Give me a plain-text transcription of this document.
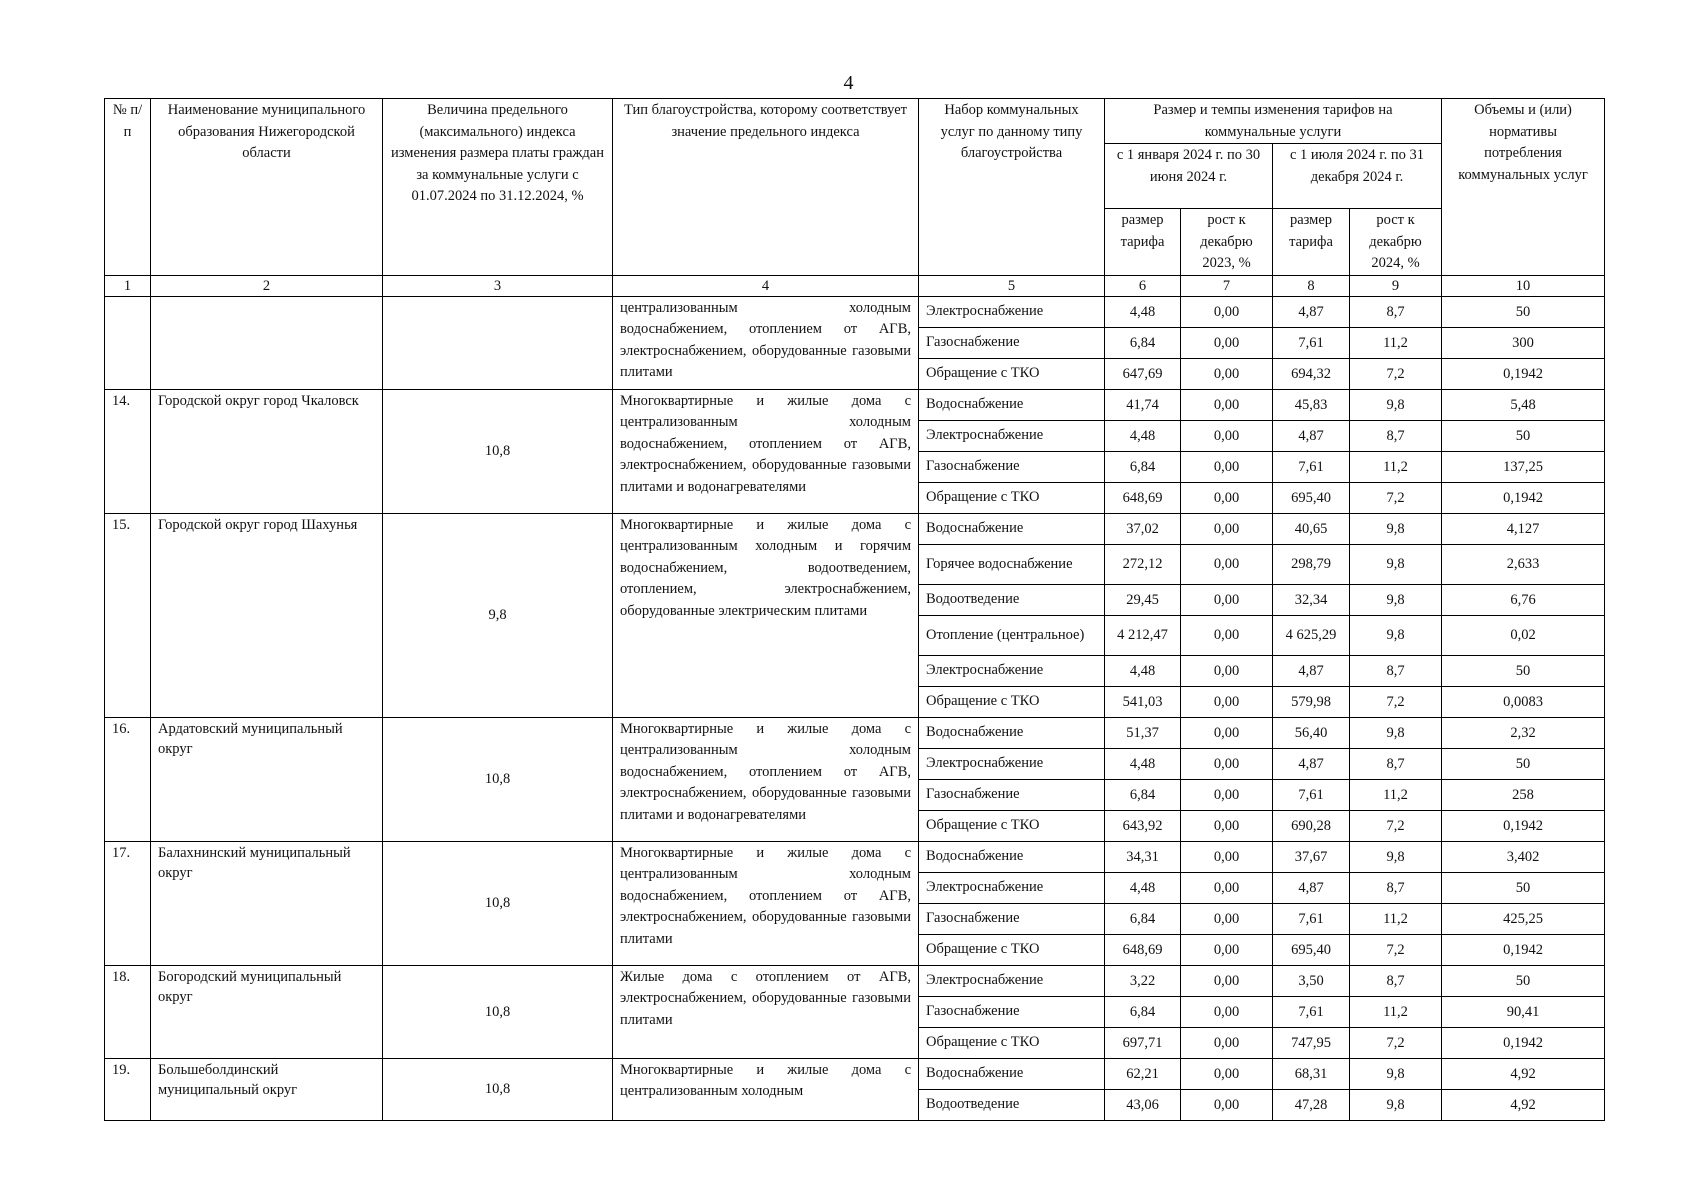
4
№ п/п	Наименование муниципального образования Нижегородской области	Величина предельного (максимального) индекса изменения размера платы граждан за коммунальные услуги с 01.07.2024 по 31.12.2024, %	Тип благоустройства, которому соответствует значение предельного индекса	Набор коммунальных услуг по данному типу благоустройства	Размер и темпы изменения тарифов на коммунальные услуги				Объемы и (или) нормативы потребления коммунальных услуг
					с 1 января 2024 г. по 30 июня 2024 г.		с 1 июля 2024 г. по 31 декабря 2024 г.		
					размер тарифа	рост к декабрю 2023, %	размер тарифа	рост к декабрю 2024, %	
1	2	3	4	5	6	7	8	9	10
			централизованным холодным водоснабжением, отоплением от АГВ, электроснабжением, оборудованные газовыми плитами	Электроснабжение	4,48	0,00	4,87	8,7	50
				Газоснабжение	6,84	0,00	7,61	11,2	300
				Обращение с ТКО	647,69	0,00	694,32	7,2	0,1942
14.	Городской округ город Чкаловск	10,8	Многоквартирные и жилые дома с централизованным холодным водоснабжением, отоплением от АГВ, электроснабжением, оборудованные газовыми плитами и водонагревателями	Водоснабжение	41,74	0,00	45,83	9,8	5,48
				Электроснабжение	4,48	0,00	4,87	8,7	50
				Газоснабжение	6,84	0,00	7,61	11,2	137,25
				Обращение с ТКО	648,69	0,00	695,40	7,2	0,1942
15.	Городской округ город Шахунья	9,8	Многоквартирные и жилые дома с централизованным холодным и горячим водоснабжением, водоотведением, отоплением, электроснабжением, оборудованные электрическим плитами	Водоснабжение	37,02	0,00	40,65	9,8	4,127
				Горячее водоснабжение	272,12	0,00	298,79	9,8	2,633
				Водоотведение	29,45	0,00	32,34	9,8	6,76
				Отопление (центральное)	4 212,47	0,00	4 625,29	9,8	0,02
				Электроснабжение	4,48	0,00	4,87	8,7	50
				Обращение с ТКО	541,03	0,00	579,98	7,2	0,0083
16.	Ардатовский муниципальный округ	10,8	Многоквартирные и жилые дома с централизованным холодным водоснабжением, отоплением от АГВ, электроснабжением, оборудованные газовыми плитами и водонагревателями	Водоснабжение	51,37	0,00	56,40	9,8	2,32
				Электроснабжение	4,48	0,00	4,87	8,7	50
				Газоснабжение	6,84	0,00	7,61	11,2	258
				Обращение с ТКО	643,92	0,00	690,28	7,2	0,1942
17.	Балахнинский муниципальный округ	10,8	Многоквартирные и жилые дома с централизованным холодным водоснабжением, отоплением от АГВ, электроснабжением, оборудованные газовыми плитами	Водоснабжение	34,31	0,00	37,67	9,8	3,402
				Электроснабжение	4,48	0,00	4,87	8,7	50
				Газоснабжение	6,84	0,00	7,61	11,2	425,25
				Обращение с ТКО	648,69	0,00	695,40	7,2	0,1942
18.	Богородский муниципальный округ	10,8	Жилые дома с отоплением от АГВ, электроснабжением, оборудованные газовыми плитами	Электроснабжение	3,22	0,00	3,50	8,7	50
				Газоснабжение	6,84	0,00	7,61	11,2	90,41
				Обращение с ТКО	697,71	0,00	747,95	7,2	0,1942
19.	Большеболдинский муниципальный округ	10,8	Многоквартирные и жилые дома с централизованным холодным	Водоснабжение	62,21	0,00	68,31	9,8	4,92
				Водоотведение	43,06	0,00	47,28	9,8	4,92
